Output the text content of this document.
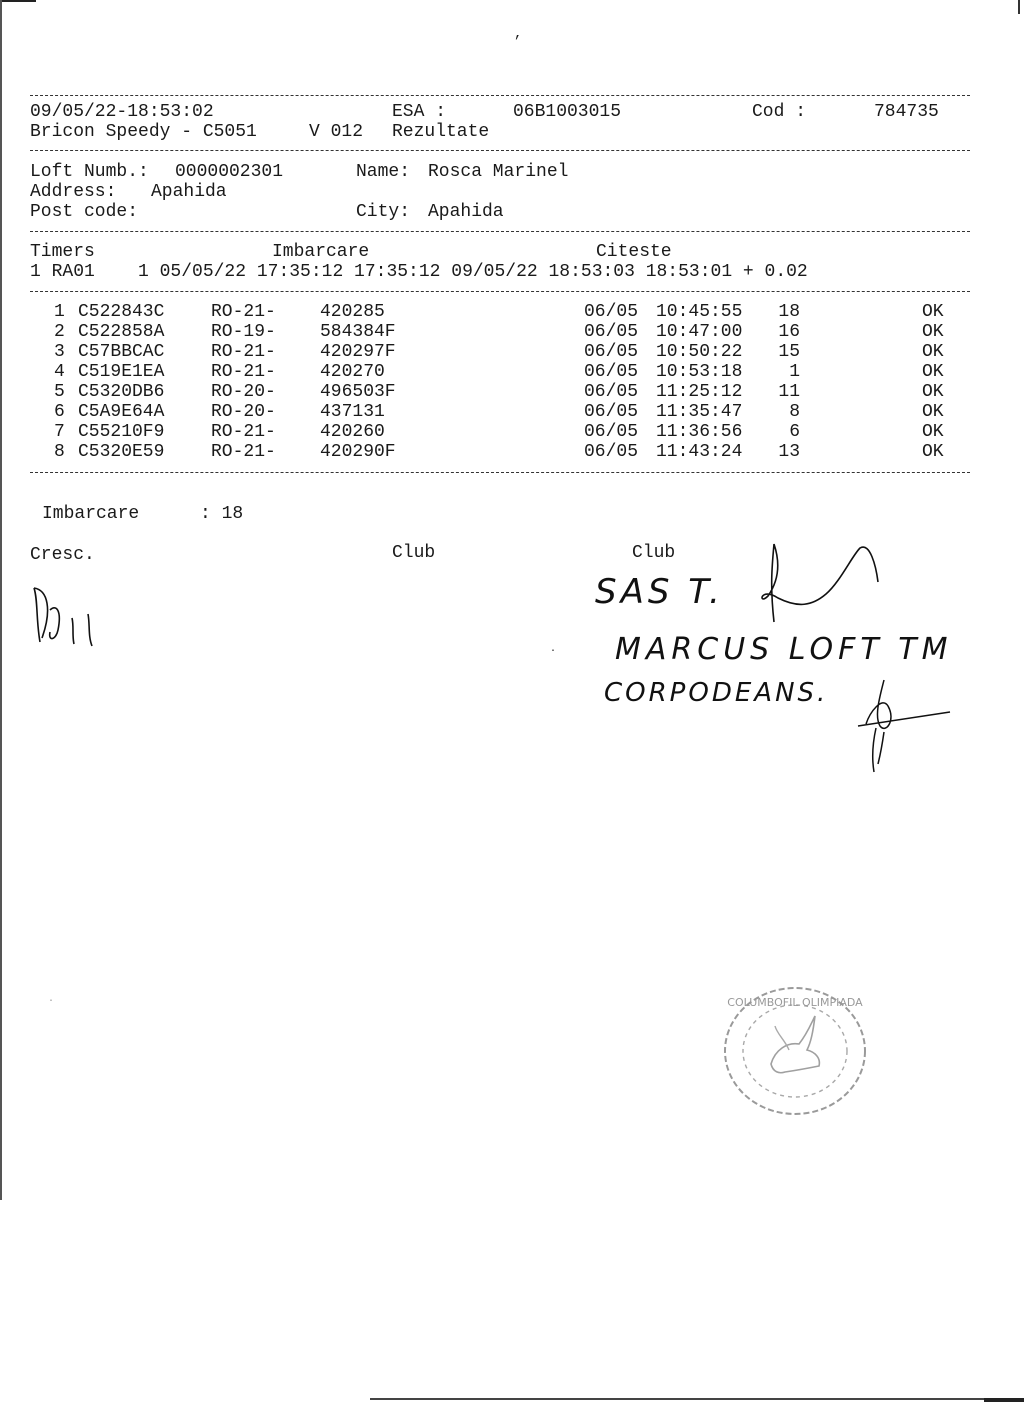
,
09/05/22-18:53:02	ESA :	06B1003015	Cod :	784735
Bricon Speedy - C5051	V 012 Rezultate
Loft Numb.: 0000002301	Name: Rosca Marinel
Address: Apahida
Post code:	City: Apahida
Timers	Imbarcare	Citeste
1 RA01    1 05/05/22 17:35:12 17:35:12 09/05/22 18:53:03 18:53:01 + 0.02
1 C522843C	RO-21- 420285	06/05 10:45:55 18	OK
2 C522858A	RO-19- 584384F	06/05 10:47:00 16	OK
3 C57BBCAC	RO-21- 420297F	06/05 10:50:22 15	OK
4 C519E1EA	RO-21- 420270	06/05 10:53:18	1	OK
5 C5320DB6	RO-20- 496503F	06/05 11:25:12 11	OK
6 C5A9E64A	RO-20- 437131	06/05 11:35:47	8	OK
7 C55210F9	RO-21- 420260	06/05 11:36:56	6	OK
8 C5320E59	RO-21- 420290F	06/05 11:43:24 13	OK
Imbarcare	: 18
Cresc.	Club	Club
SAS T.
MARCUS LOFT TM
CORPODEANS.
.
.	COLUMBOFIL OLIMPIADA
